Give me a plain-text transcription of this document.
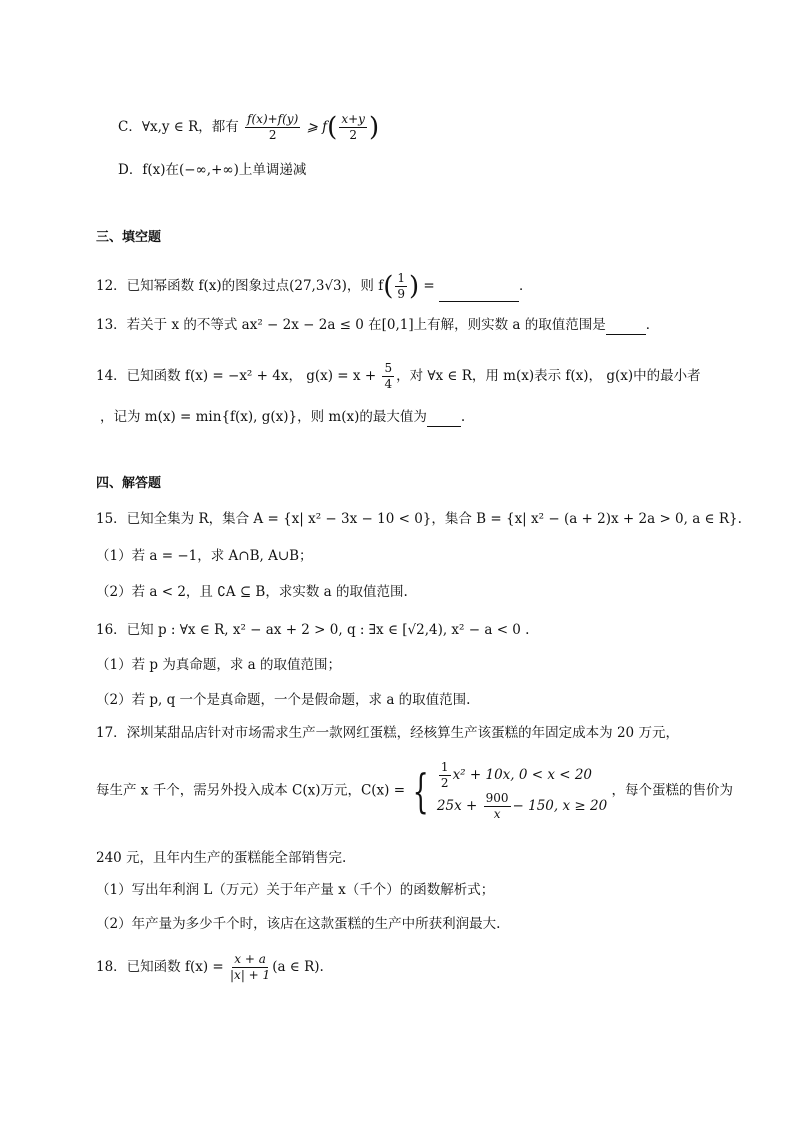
C．∀x,y ∈ R，都有 $\frac{f(x)+f(y)}{2}$ ⩾ $f( \frac{x+y}{2}$ )
D．f(x)在(−∞,+∞)上单调递减
三、填空题
12．已知幂函数 f(x)的图象过点(27,3√3)，则 $f( \frac{1}{9}$ ) =	．
13．若关于 x 的不等式 ax² − 2x − 2a ≤ 0 在[0,1]上有解，则实数 a 的取值范围是	．
14．已知函数 f(x) = −x² + 4x， $g(x) = x + \frac{5}{4}$ ，对 ∀x ∈ R，用 m(x)表示 f(x)， g(x)中的最小者
，记为 m(x) = min{f(x), g(x)}，则 m(x)的最大值为	.
四、解答题
15．已知全集为 R，集合 A = {x| x² − 3x − 10 < 0}，集合 B = {x| x² − (a + 2)x + 2a > 0, a ∈ R}.
（1）若 a = −1，求 A∩B, A∪B；
（2）若 a < 2，且 ∁A ⊆ B，求实数 a 的取值范围.
16．已知 p : ∀x ∈ R, x² − ax + 2 > 0, q : ∃x ∈ [√2,4), x² − a < 0 .
（1）若 p 为真命题，求 a 的取值范围；
（2）若 p, q 一个是真命题，一个是假命题，求 a 的取值范围.
17．深圳某甜品店针对市场需求生产一款网红蛋糕，经核算生产该蛋糕的年固定成本为 20 万元，
每生产 x 千个，需另外投入成本 C(x)万元，C(x) = { $\frac{1}{2} x^2 + 10x$, 0 < x < 20
$25x + \frac{900}{x} - 150$, x ≥ 20
，每个蛋糕的售价为
240 元，且年内生产的蛋糕能全部销售完.
（1）写出年利润 L（万元）关于年产量 x（千个）的函数解析式；
（2）年产量为多少千个时，该店在这款蛋糕的生产中所获利润最大.
18．已知函数 $f(x) = \frac{x + a}{|x| + 1} (a$ ∈ R).
